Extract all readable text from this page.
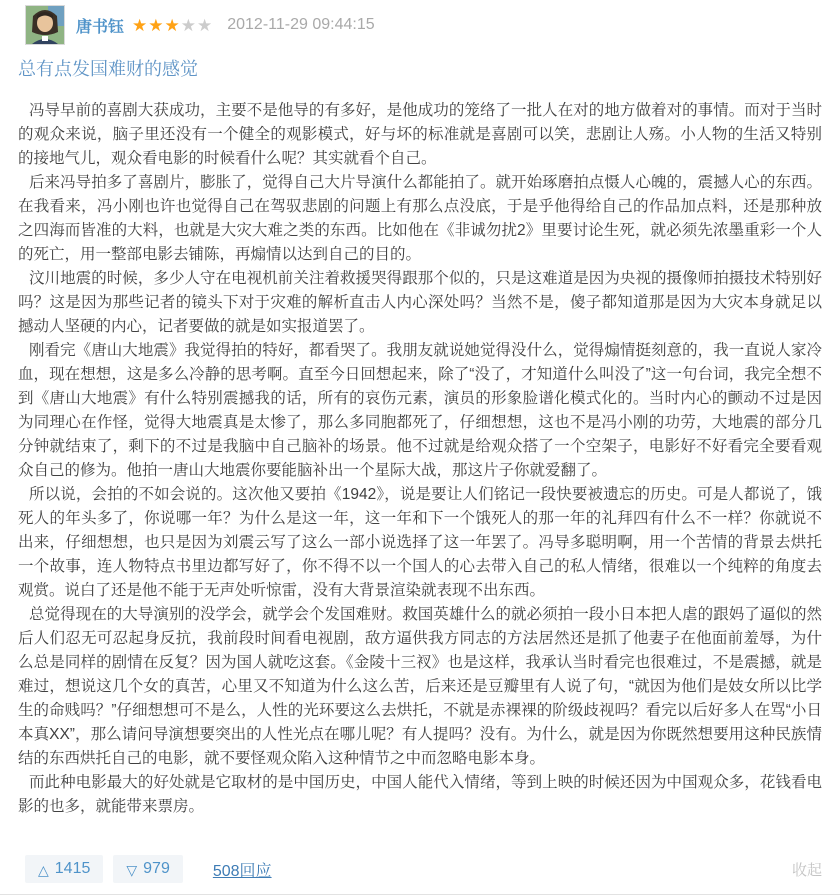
唐书钰 ★★★★★ 2012-11-29 09:44:15
总有点发国难财的感觉

冯导早前的喜剧大获成功，主要不是他导的有多好，是他成功的笼络了一批人在对的地方做着对的事情。而对于当时的观众来说，脑子里还没有一个健全的观影模式，好与坏的标准就是喜剧可以笑，悲剧让人殇。小人物的生活又特别的接地气儿，观众看电影的时候看什么呢？其实就看个自己。

后来冯导拍多了喜剧片，膨胀了，觉得自己大片导演什么都能拍了。就开始琢磨拍点慑人心魄的，震撼人心的东西。在我看来，冯小刚也许也觉得自己在驾驭悲剧的问题上有那么点没底，于是乎他得给自己的作品加点料，还是那种放之四海而皆准的大料，也就是大灾大难之类的东西。比如他在《非诚勿扰2》里要讨论生死，就必须先浓墨重彩一个人的死亡，用一整部电影去铺陈，再煽情以达到自己的目的。

汶川地震的时候，多少人守在电视机前关注着救援哭得跟那个似的，只是这难道是因为央视的摄像师拍摄技术特别好吗？这是因为那些记者的镜头下对于灾难的解析直击人内心深处吗？当然不是，傻子都知道那是因为大灾本身就足以撼动人坚硬的内心，记者要做的就是如实报道罢了。

刚看完《唐山大地震》我觉得拍的特好，都看哭了。我朋友就说她觉得没什么，觉得煽情挺刻意的，我一直说人家冷血，现在想想，这是多么冷静的思考啊。直至今日回想起来，除了“没了，才知道什么叫没了”这一句台词，我完全想不到《唐山大地震》有什么特别震撼我的话，所有的哀伤元素，演员的形象脸谱化模式化的。当时内心的颤动不过是因为同理心在作怪，觉得大地震真是太惨了，那么多同胞都死了，仔细想想，这也不是冯小刚的功劳，大地震的部分几分钟就结束了，剩下的不过是我脑中自己脑补的场景。他不过就是给观众搭了一个空架子，电影好不好看完全要看观众自己的修为。他拍一唐山大地震你要能脑补出一个星际大战，那这片子你就爱翻了。

所以说，会拍的不如会说的。这次他又要拍《1942》，说是要让人们铭记一段快要被遗忘的历史。可是人都说了，饿死人的年头多了，你说哪一年？为什么是这一年，这一年和下一个饿死人的那一年的礼拜四有什么不一样？你就说不出来，仔细想想，也只是因为刘震云写了这么一部小说选择了这一年罢了。冯导多聪明啊，用一个苦情的背景去烘托一个故事，连人物特点书里边都写好了，你不得不以一个国人的心去带入自己的私人情绪，很难以一个纯粹的角度去观赏。说白了还是他不能于无声处听惊雷，没有大背景渲染就表现不出东西。

总觉得现在的大导演别的没学会，就学会个发国难财。救国英雄什么的就必须拍一段小日本把人虐的跟妈了逼似的然后人们忍无可忍起身反抗，我前段时间看电视剧，敌方逼供我方同志的方法居然还是抓了他妻子在他面前羞辱，为什么总是同样的剧情在反复？因为国人就吃这套。《金陵十三衩》也是这样，我承认当时看完也很难过，不是震撼，就是难过，想说这几个女的真苦，心里又不知道为什么这么苦，后来还是豆瓣里有人说了句，“就因为他们是妓女所以比学生的命贱吗？”仔细想想可不是么，人性的光环要这么去烘托，不就是赤裸裸的阶级歧视吗？看完以后好多人在骂“小日本真XX”，那么请问导演想要突出的人性光点在哪儿呢？有人提吗？没有。为什么，就是因为你既然想要用这种民族情结的东西烘托自己的电影，就不要怪观众陷入这种情节之中而忽略电影本身。

而此种电影最大的好处就是它取材的是中国历史，中国人能代入情绪，等到上映的时候还因为中国观众多，花钱看电影的也多，就能带来票房。

△ 1415	▽ 979	508回应	收起
